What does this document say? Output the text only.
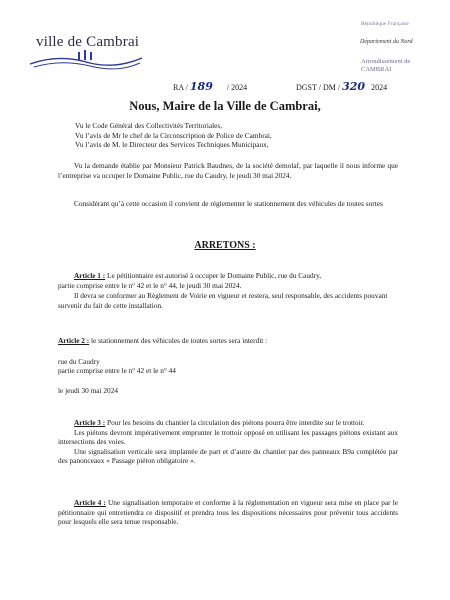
ville de Cambrai
République Française
Département du Nord
Arrondissement de CAMBRAI
RA / 189 / 2024	DGST / DM / 320 2024
Nous, Maire de la Ville de Cambrai,
Vu le Code Général des Collectivités Territoriales,
Vu l’avis de Mr le chef de la Circonscription de Police de Cambrai,
Vu l’avis de M. le Directeur des Services Techniques Municipaux,
Vu la demande établie par Monsieur Patrick Baudnes, de la société demolaf, par laquelle il nous informe que l’entreprise va occuper le Domaine Public, rue du Caudry, le jeudi 30 mai 2024.
Considérant qu’à cette occasion il convient de réglementer le stationnement des véhicules de toutes sortes
ARRETONS :
Article 1 : Le pétitionnaire est autorisé à occuper le Domaine Public, rue du Caudry,
partie comprise entre le n° 42 et le n° 44, le jeudi 30 mai 2024.
Il devra se conformer au Règlement de Voirie en vigueur et restera, seul responsable, des accidents pouvant survenir du fait de cette installation.
Article 2 : le stationnement des véhicules de toutes sortes sera interdit :
rue du Caudry
partie comprise entre le n° 42 et le n° 44
le jeudi 30 mai 2024
Article 3 : Pour les besoins du chantier la circulation des piétons pourra être interdite sur le trottoir.
Les piétons devront impérativement emprunter le trottoir opposé en utilisant les passages piétons existant aux intersections des voies.
Une signalisation verticale sera implantée de part et d’autre du chantier par des panneaux B9a complétée par des panonceaux « Passage piéton obligatoire ».
Article 4 : Une signalisation temporaire et conforme à la réglementation en vigueur sera mise en place par le pétitionnaire qui entretiendra ce dispositif et prendra tous les dispositions nécessaires pour prévenir tous accidents pour lesquels elle sera tenue responsable.
